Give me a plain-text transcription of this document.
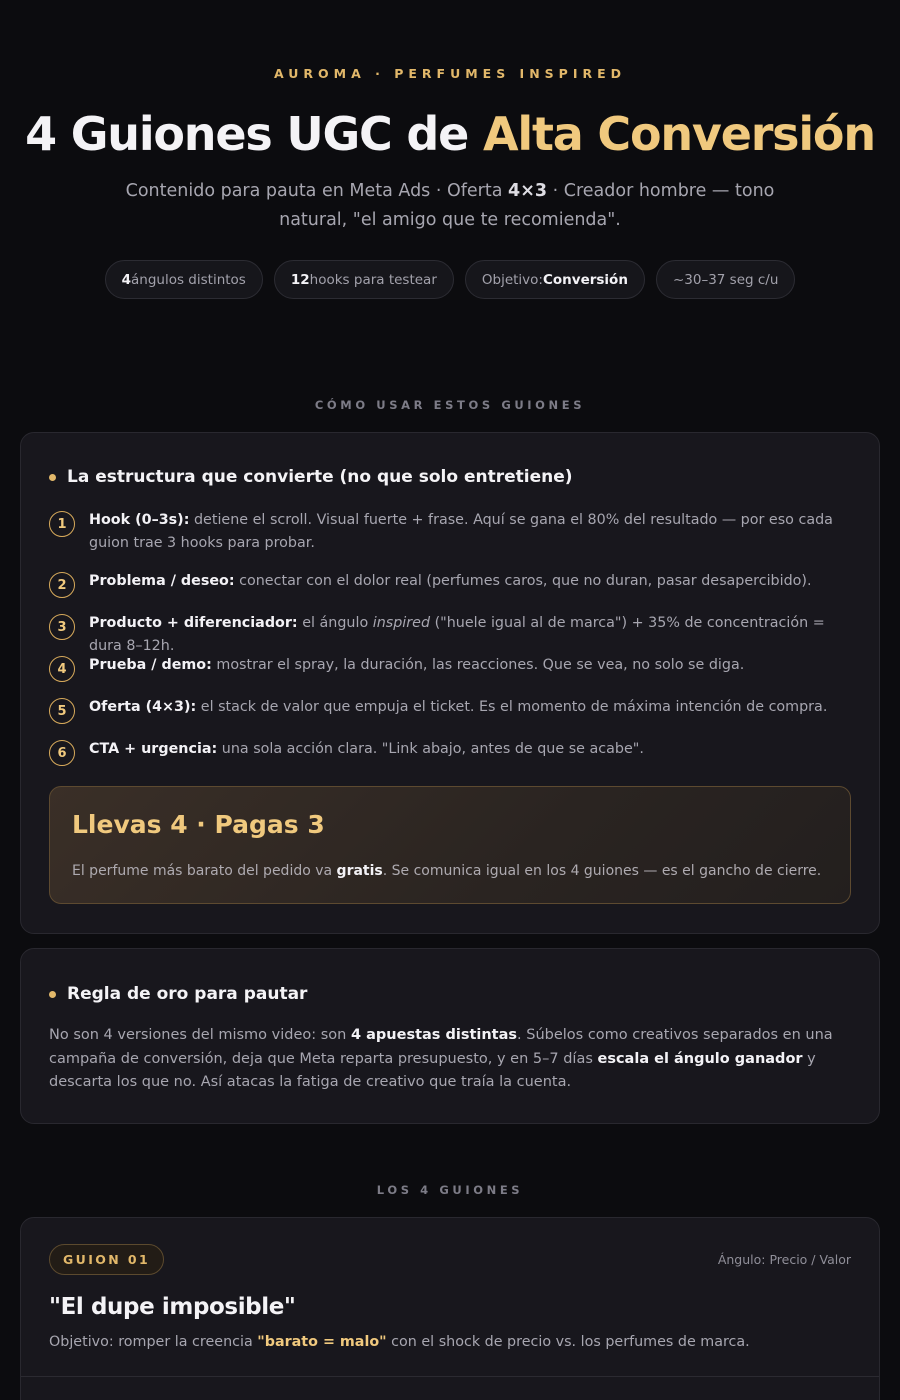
AUROMA · PERFUMES INSPIRED
4 Guiones UGC de Alta Conversión

Contenido para pauta en Meta Ads · Oferta 4×3 · Creador hombre — tono natural, "el amigo que te recomienda".

4 ángulos distintos	12 hooks para testear	Objetivo: Conversión	~30–37 seg c/u
CÓMO USAR ESTOS GUIONES
La estructura que convierte (no que solo entretiene)
1	Hook (0–3s): detiene el scroll. Visual fuerte + frase. Aquí se gana el 80% del resultado — por eso cada guion trae 3 hooks para probar.
2	Problema / deseo: conectar con el dolor real (perfumes caros, que no duran, pasar desapercibido).
3	Producto + diferenciador: el ángulo inspired ("huele igual al de marca") + 35% de concentración = dura 8–12h.
4	Prueba / demo: mostrar el spray, la duración, las reacciones. Que se vea, no solo se diga.
5	Oferta (4×3): el stack de valor que empuja el ticket. Es el momento de máxima intención de compra.
6	CTA + urgencia: una sola acción clara. "Link abajo, antes de que se acabe".
Llevas 4 · Pagas 3
El perfume más barato del pedido va gratis. Se comunica igual en los 4 guiones — es el gancho de cierre.
Regla de oro para pautar

No son 4 versiones del mismo video: son 4 apuestas distintas. Súbelos como creativos separados en una campaña de conversión, deja que Meta reparta presupuesto, y en 5–7 días escala el ángulo ganador y descarta los que no. Así atacas la fatiga de creativo que traía la cuenta.

LOS 4 GUIONES
GUION 01	Ángulo: Precio / Valor
"El dupe imposible"
Objetivo: romper la creencia "barato = malo" con el shock de precio vs. los perfumes de marca.
